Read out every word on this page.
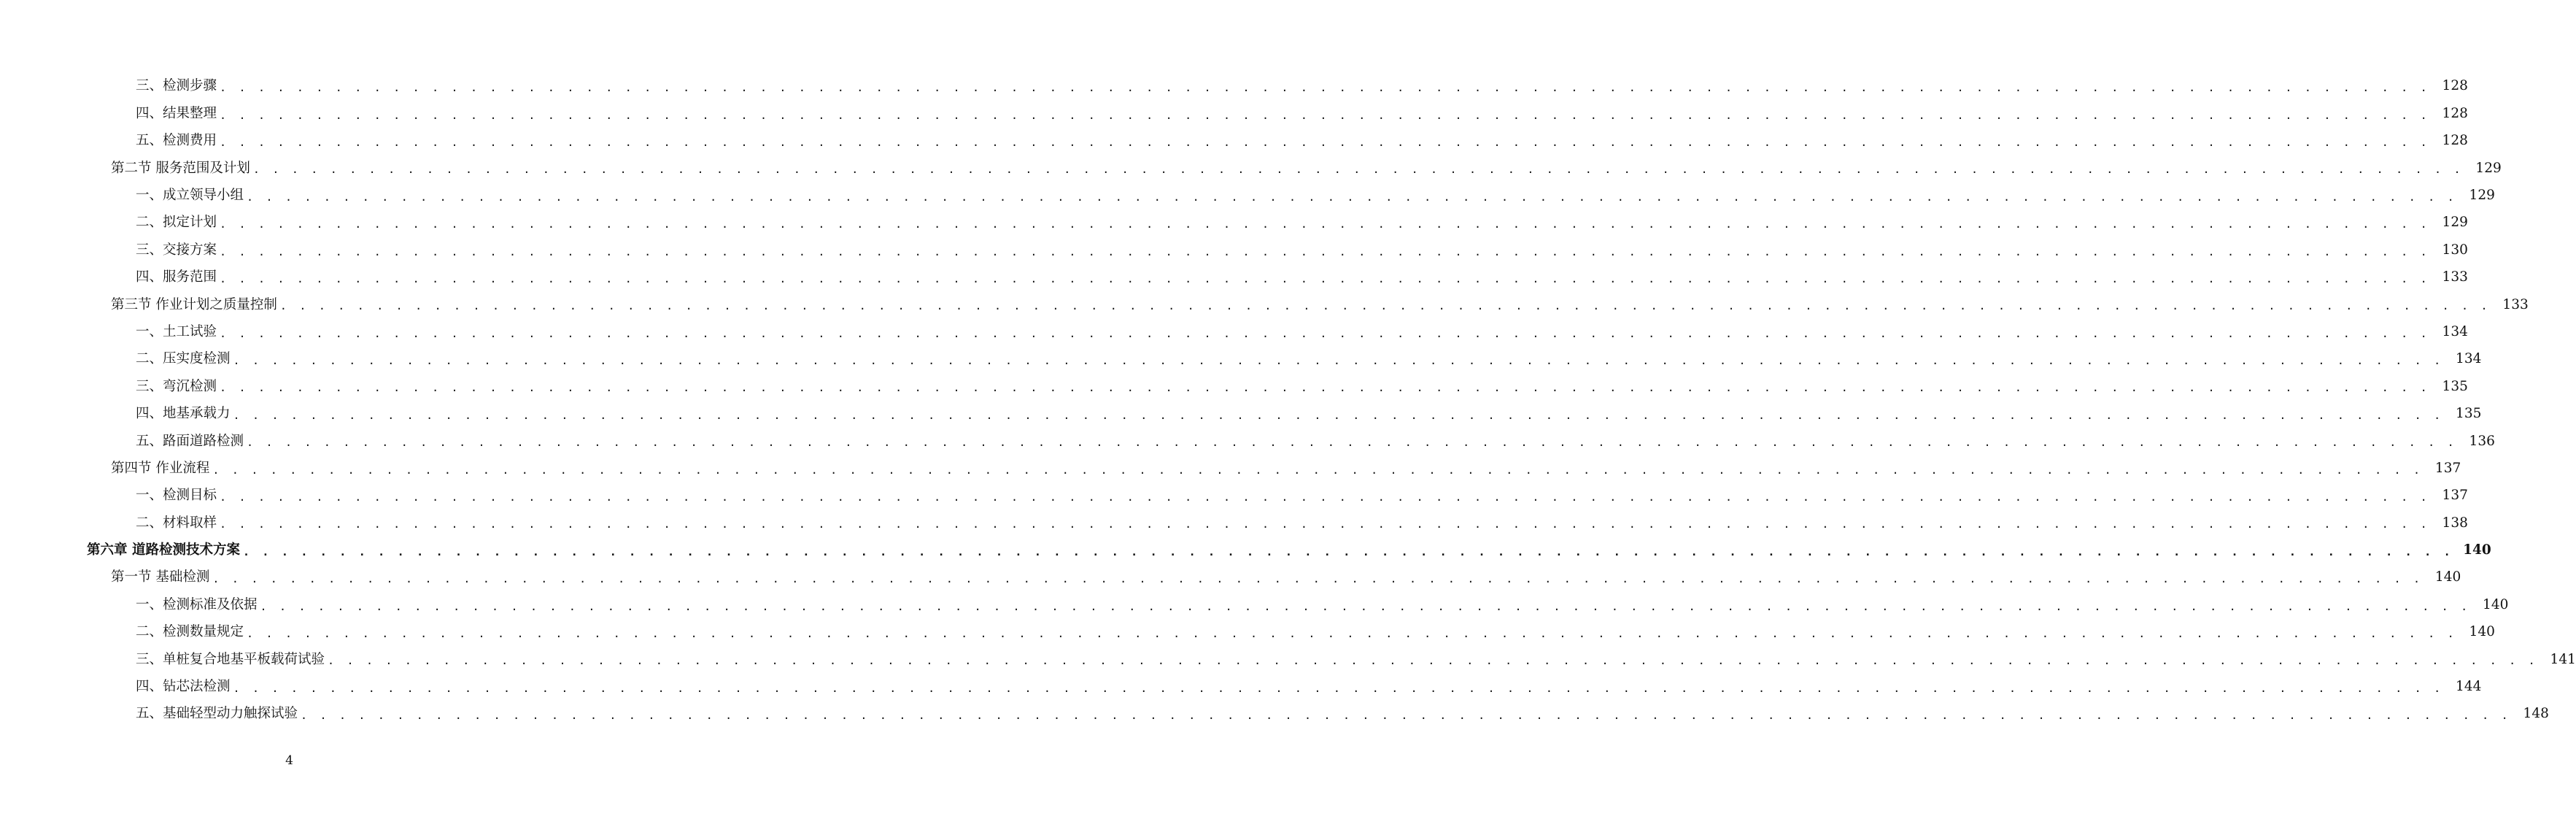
三、检测步骤 . . . . . . . . . . . . . . . . . . . . . . . . . . . . . . . . . . . . . . . . . . . . . . . . . . . . . . . . . . . . . . . . . . . . . . . . . . . . . . . . . . . . . . . . . . . . . . . . . . . . . . . . . . . . . . . . . . . 128
四、结果整理 . . . . . . . . . . . . . . . . . . . . . . . . . . . . . . . . . . . . . . . . . . . . . . . . . . . . . . . . . . . . . . . . . . . . . . . . . . . . . . . . . . . . . . . . . . . . . . . . . . . . . . . . . . . . . . . . . . . 128
五、检测费用 . . . . . . . . . . . . . . . . . . . . . . . . . . . . . . . . . . . . . . . . . . . . . . . . . . . . . . . . . . . . . . . . . . . . . . . . . . . . . . . . . . . . . . . . . . . . . . . . . . . . . . . . . . . . . . . . . . . 128
第二节 服务范围及计划 . . . . . . . . . . . . . . . . . . . . . . . . . . . . . . . . . . . . . . . . . . . . . . . . . . . . . . . . . . . . . . . . . . . . . . . . . . . . . . . . . . . . . . . . . . . . . . . . . . . . . . . . . . . . . . . . . . . 129
一、成立领导小组 . . . . . . . . . . . . . . . . . . . . . . . . . . . . . . . . . . . . . . . . . . . . . . . . . . . . . . . . . . . . . . . . . . . . . . . . . . . . . . . . . . . . . . . . . . . . . . . . . . . . . . . . . . . . . . . . . . . 129
二、拟定计划 . . . . . . . . . . . . . . . . . . . . . . . . . . . . . . . . . . . . . . . . . . . . . . . . . . . . . . . . . . . . . . . . . . . . . . . . . . . . . . . . . . . . . . . . . . . . . . . . . . . . . . . . . . . . . . . . . . . 129
三、交接方案 . . . . . . . . . . . . . . . . . . . . . . . . . . . . . . . . . . . . . . . . . . . . . . . . . . . . . . . . . . . . . . . . . . . . . . . . . . . . . . . . . . . . . . . . . . . . . . . . . . . . . . . . . . . . . . . . . . . 130
四、服务范围 . . . . . . . . . . . . . . . . . . . . . . . . . . . . . . . . . . . . . . . . . . . . . . . . . . . . . . . . . . . . . . . . . . . . . . . . . . . . . . . . . . . . . . . . . . . . . . . . . . . . . . . . . . . . . . . . . . . 133
第三节 作业计划之质量控制 . . . . . . . . . . . . . . . . . . . . . . . . . . . . . . . . . . . . . . . . . . . . . . . . . . . . . . . . . . . . . . . . . . . . . . . . . . . . . . . . . . . . . . . . . . . . . . . . . . . . . . . . . . . . . . . . . . . 133
一、土工试验 . . . . . . . . . . . . . . . . . . . . . . . . . . . . . . . . . . . . . . . . . . . . . . . . . . . . . . . . . . . . . . . . . . . . . . . . . . . . . . . . . . . . . . . . . . . . . . . . . . . . . . . . . . . . . . . . . . . 134
二、压实度检测 . . . . . . . . . . . . . . . . . . . . . . . . . . . . . . . . . . . . . . . . . . . . . . . . . . . . . . . . . . . . . . . . . . . . . . . . . . . . . . . . . . . . . . . . . . . . . . . . . . . . . . . . . . . . . . . . . . . 134
三、弯沉检测 . . . . . . . . . . . . . . . . . . . . . . . . . . . . . . . . . . . . . . . . . . . . . . . . . . . . . . . . . . . . . . . . . . . . . . . . . . . . . . . . . . . . . . . . . . . . . . . . . . . . . . . . . . . . . . . . . . . 135
四、地基承载力 . . . . . . . . . . . . . . . . . . . . . . . . . . . . . . . . . . . . . . . . . . . . . . . . . . . . . . . . . . . . . . . . . . . . . . . . . . . . . . . . . . . . . . . . . . . . . . . . . . . . . . . . . . . . . . . . . . . 135
五、路面道路检测 . . . . . . . . . . . . . . . . . . . . . . . . . . . . . . . . . . . . . . . . . . . . . . . . . . . . . . . . . . . . . . . . . . . . . . . . . . . . . . . . . . . . . . . . . . . . . . . . . . . . . . . . . . . . . . . . . . . 136
第四节 作业流程 . . . . . . . . . . . . . . . . . . . . . . . . . . . . . . . . . . . . . . . . . . . . . . . . . . . . . . . . . . . . . . . . . . . . . . . . . . . . . . . . . . . . . . . . . . . . . . . . . . . . . . . . . . . . . . . . . . . 137
一、检测目标 . . . . . . . . . . . . . . . . . . . . . . . . . . . . . . . . . . . . . . . . . . . . . . . . . . . . . . . . . . . . . . . . . . . . . . . . . . . . . . . . . . . . . . . . . . . . . . . . . . . . . . . . . . . . . . . . . . . 137
二、材料取样 . . . . . . . . . . . . . . . . . . . . . . . . . . . . . . . . . . . . . . . . . . . . . . . . . . . . . . . . . . . . . . . . . . . . . . . . . . . . . . . . . . . . . . . . . . . . . . . . . . . . . . . . . . . . . . . . . . . 138
第六章 道路检测技术方案 . . . . . . . . . . . . . . . . . . . . . . . . . . . . . . . . . . . . . . . . . . . . . . . . . . . . . . . . . . . . . . . . . . . . . . . . . . . . . . . . . . . . . . . . . . . . . . . . . . . . . . . . . . . . . . . . . . . 140
第一节 基础检测 . . . . . . . . . . . . . . . . . . . . . . . . . . . . . . . . . . . . . . . . . . . . . . . . . . . . . . . . . . . . . . . . . . . . . . . . . . . . . . . . . . . . . . . . . . . . . . . . . . . . . . . . . . . . . . . . . . . 140
一、检测标准及依据 . . . . . . . . . . . . . . . . . . . . . . . . . . . . . . . . . . . . . . . . . . . . . . . . . . . . . . . . . . . . . . . . . . . . . . . . . . . . . . . . . . . . . . . . . . . . . . . . . . . . . . . . . . . . . . . . . . . 140
二、检测数量规定 . . . . . . . . . . . . . . . . . . . . . . . . . . . . . . . . . . . . . . . . . . . . . . . . . . . . . . . . . . . . . . . . . . . . . . . . . . . . . . . . . . . . . . . . . . . . . . . . . . . . . . . . . . . . . . . . . . . 140
三、单桩复合地基平板载荷试验 . . . . . . . . . . . . . . . . . . . . . . . . . . . . . . . . . . . . . . . . . . . . . . . . . . . . . . . . . . . . . . . . . . . . . . . . . . . . . . . . . . . . . . . . . . . . . . . . . . . . . . . . . . . . . . . . . . . 141
四、钻芯法检测 . . . . . . . . . . . . . . . . . . . . . . . . . . . . . . . . . . . . . . . . . . . . . . . . . . . . . . . . . . . . . . . . . . . . . . . . . . . . . . . . . . . . . . . . . . . . . . . . . . . . . . . . . . . . . . . . . . . 144
五、基础轻型动力触探试验 . . . . . . . . . . . . . . . . . . . . . . . . . . . . . . . . . . . . . . . . . . . . . . . . . . . . . . . . . . . . . . . . . . . . . . . . . . . . . . . . . . . . . . . . . . . . . . . . . . . . . . . . . . . . . . . . . . . 148
4
